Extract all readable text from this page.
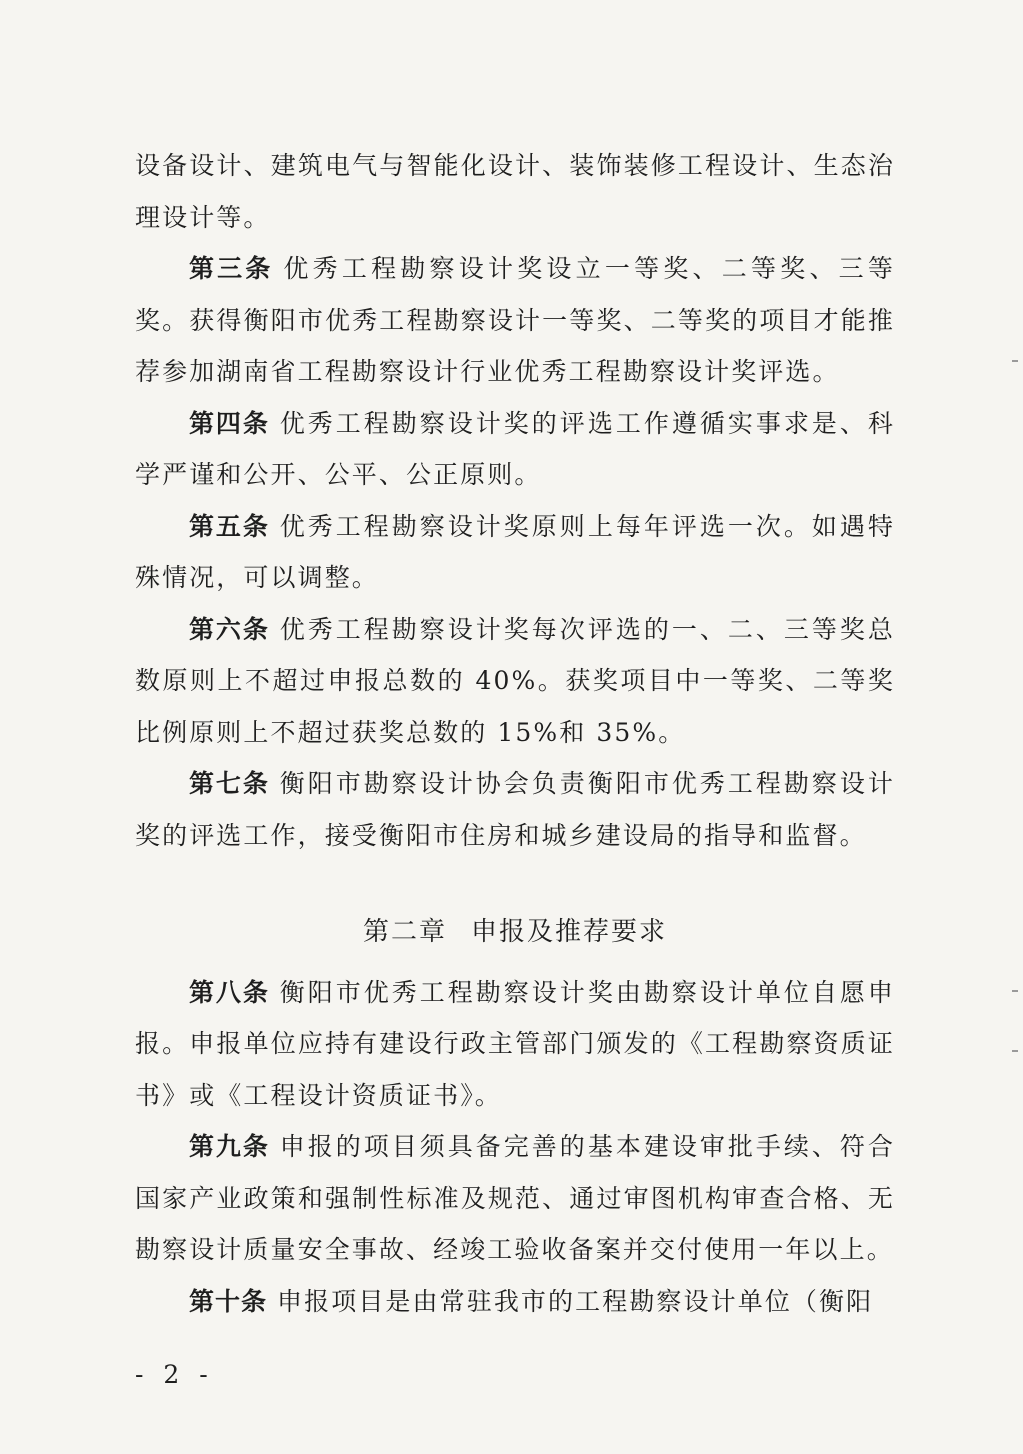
设备设计、建筑电气与智能化设计、装饰装修工程设计、生态治理设计等。

第三条 优秀工程勘察设计奖设立一等奖、二等奖、三等奖。获得衡阳市优秀工程勘察设计一等奖、二等奖的项目才能推荐参加湖南省工程勘察设计行业优秀工程勘察设计奖评选。

第四条 优秀工程勘察设计奖的评选工作遵循实事求是、科学严谨和公开、公平、公正原则。

第五条 优秀工程勘察设计奖原则上每年评选一次。如遇特殊情况，可以调整。

第六条 优秀工程勘察设计奖每次评选的一、二、三等奖总数原则上不超过申报总数的 40%。获奖项目中一等奖、二等奖比例原则上不超过获奖总数的 15%和 35%。

第七条 衡阳市勘察设计协会负责衡阳市优秀工程勘察设计奖的评选工作，接受衡阳市住房和城乡建设局的指导和监督。

第二章 申报及推荐要求

第八条 衡阳市优秀工程勘察设计奖由勘察设计单位自愿申报。申报单位应持有建设行政主管部门颁发的《工程勘察资质证书》或《工程设计资质证书》。

第九条 申报的项目须具备完善的基本建设审批手续、符合国家产业政策和强制性标准及规范、通过审图机构审查合格、无勘察设计质量安全事故、经竣工验收备案并交付使用一年以上。

第十条 申报项目是由常驻我市的工程勘察设计单位（衡阳

- 2 -
